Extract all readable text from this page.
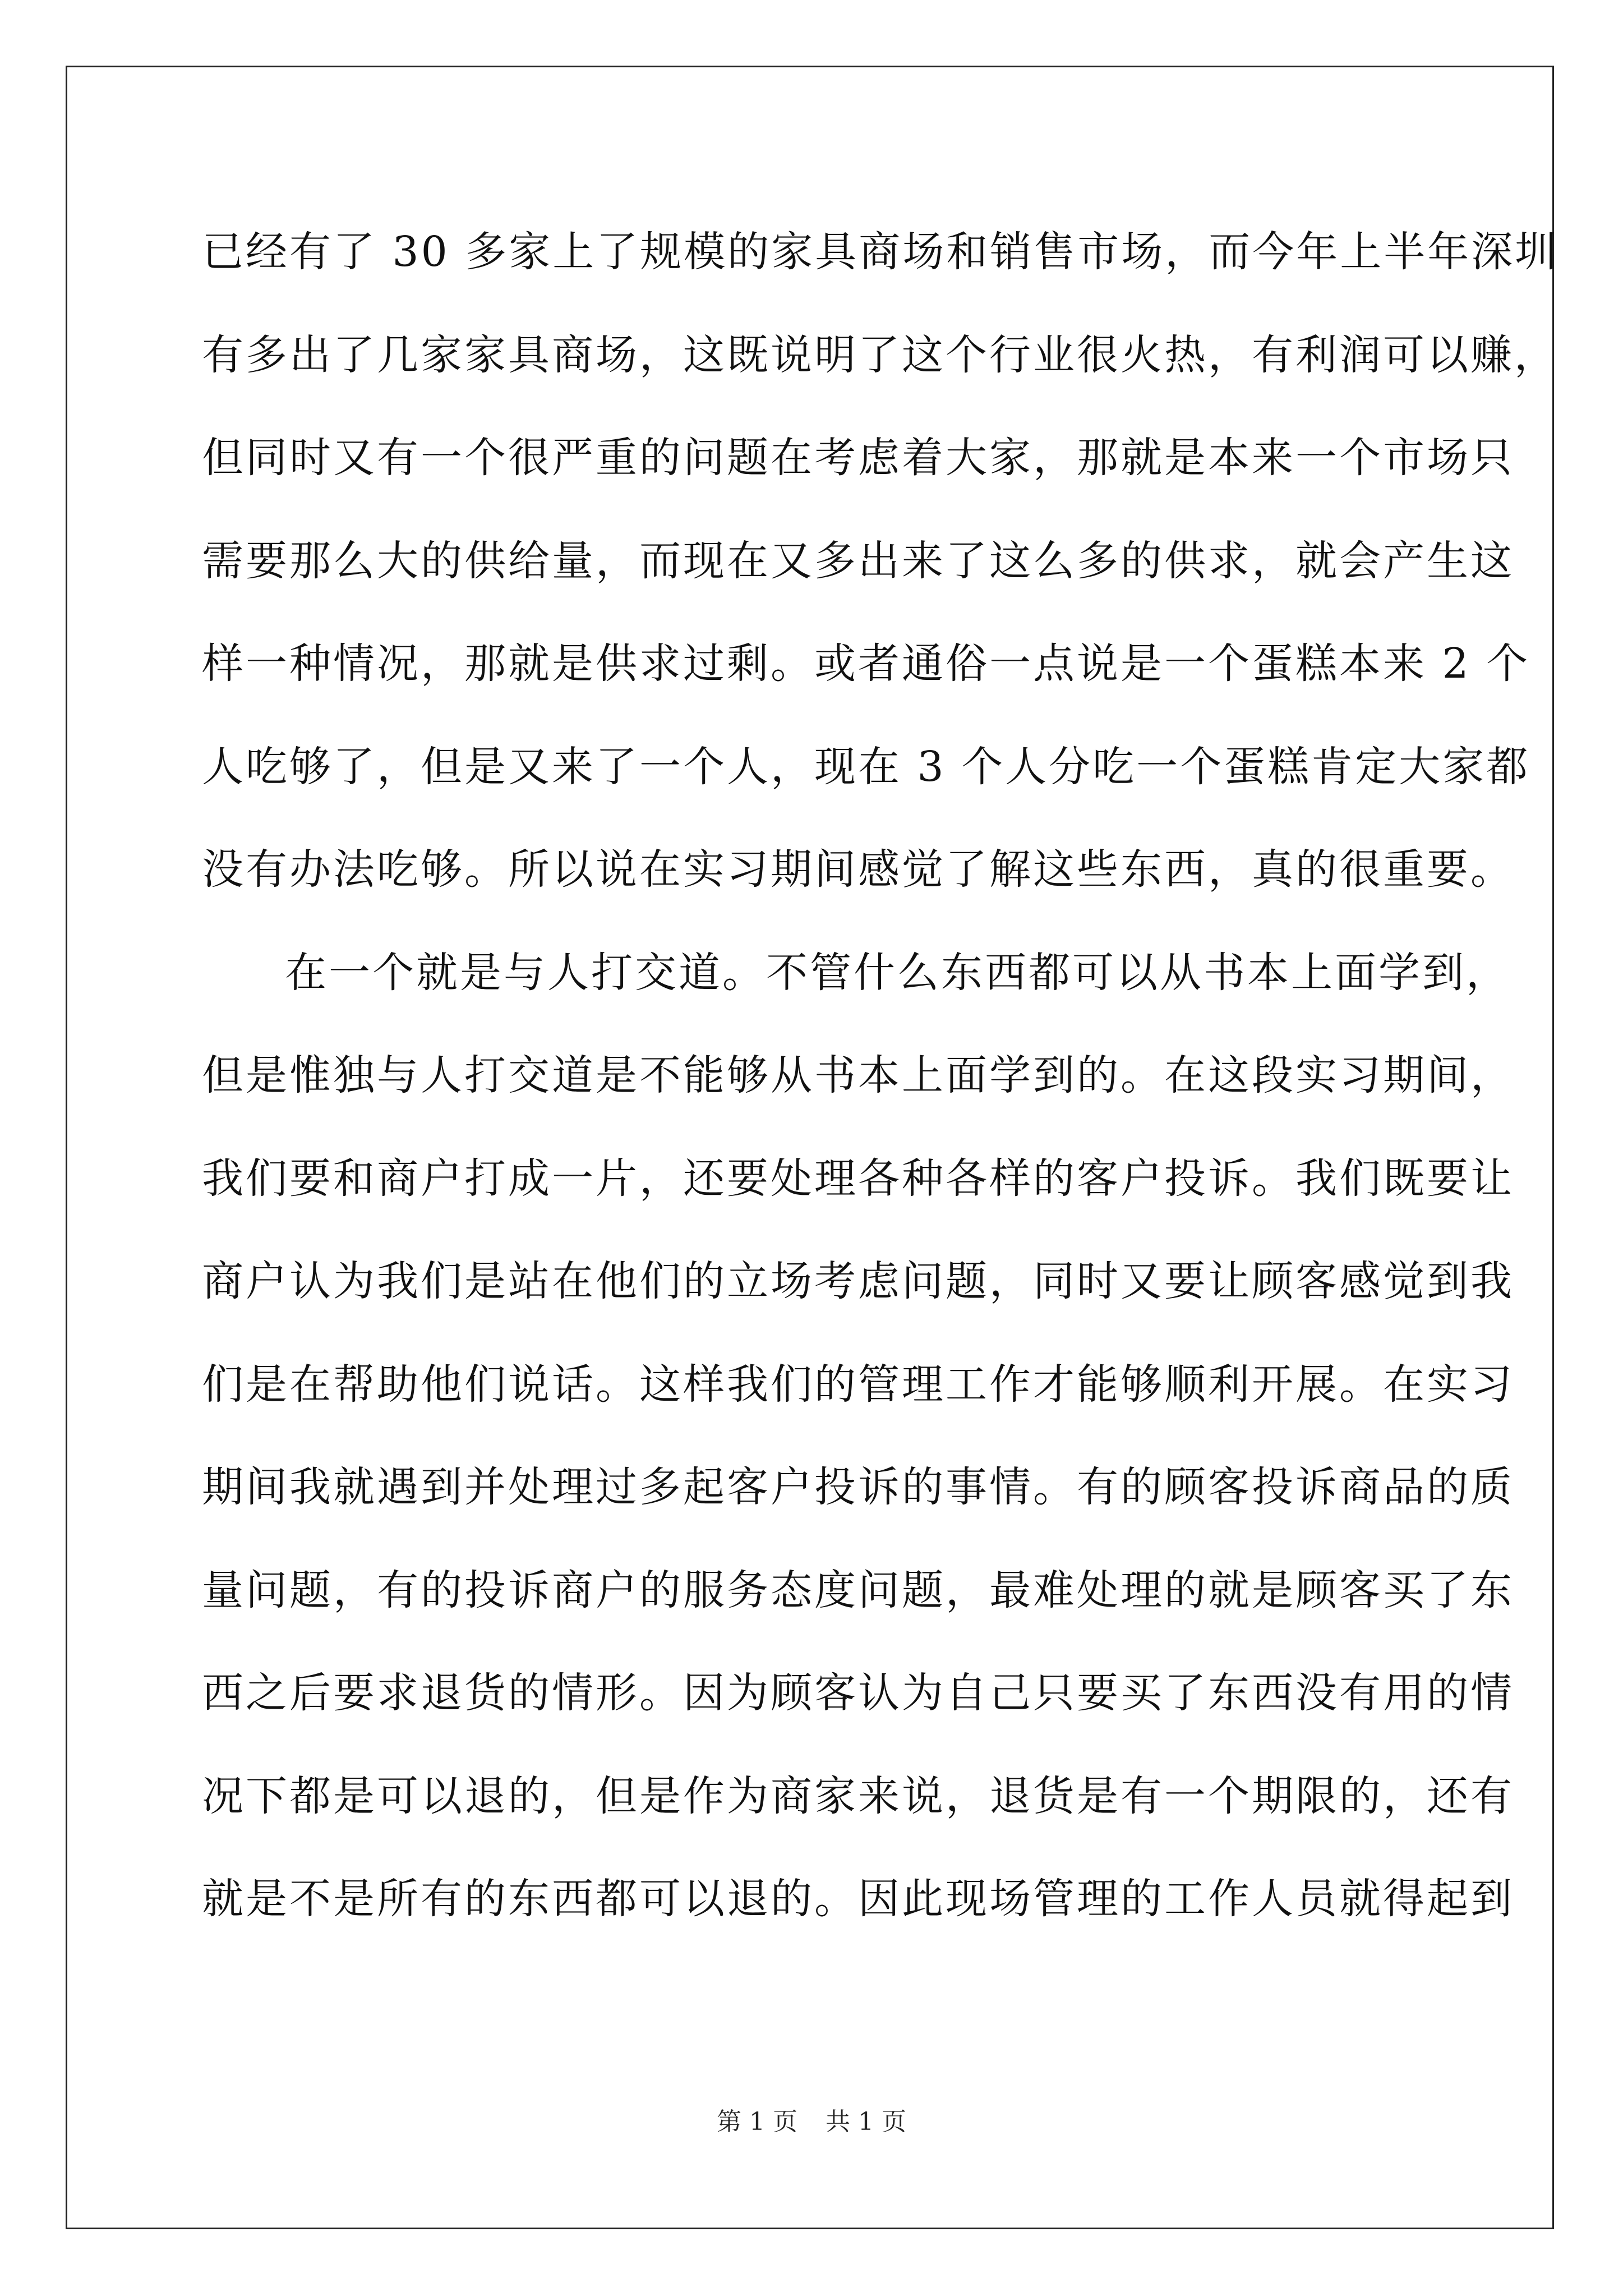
已经有了 30 多家上了规模的家具商场和销售市场，而今年上半年深圳
有多出了几家家具商场，这既说明了这个行业很火热，有利润可以赚，
但同时又有一个很严重的问题在考虑着大家，那就是本来一个市场只
需要那么大的供给量，而现在又多出来了这么多的供求，就会产生这
样一种情况，那就是供求过剩。或者通俗一点说是一个蛋糕本来 2 个
人吃够了，但是又来了一个人，现在 3 个人分吃一个蛋糕肯定大家都
没有办法吃够。所以说在实习期间感觉了解这些东西，真的很重要。
在一个就是与人打交道。不管什么东西都可以从书本上面学到，
但是惟独与人打交道是不能够从书本上面学到的。在这段实习期间，
我们要和商户打成一片，还要处理各种各样的客户投诉。我们既要让
商户认为我们是站在他们的立场考虑问题，同时又要让顾客感觉到我
们是在帮助他们说话。这样我们的管理工作才能够顺利开展。在实习
期间我就遇到并处理过多起客户投诉的事情。有的顾客投诉商品的质
量问题，有的投诉商户的服务态度问题，最难处理的就是顾客买了东
西之后要求退货的情形。因为顾客认为自己只要买了东西没有用的情
况下都是可以退的，但是作为商家来说，退货是有一个期限的，还有
就是不是所有的东西都可以退的。因此现场管理的工作人员就得起到
第 1 页 共 1 页
